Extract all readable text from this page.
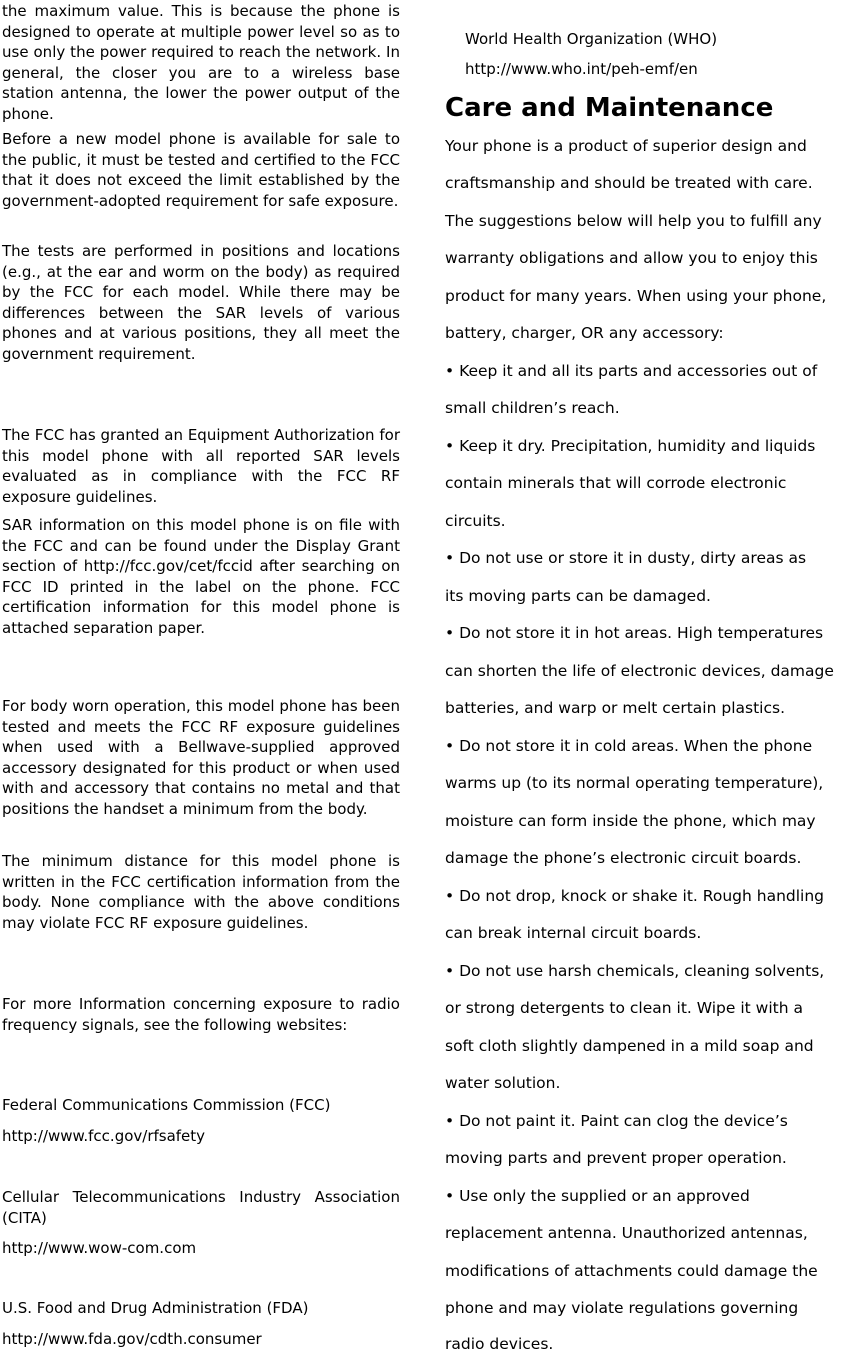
the maximum value. This is because the phone is designed to operate at multiple power level so as to use only the power required to reach the network. In general, the closer you are to a wireless base station antenna, the lower the power output of the phone.

Before a new model phone is available for sale to the public, it must be tested and certified to the FCC that it does not exceed the limit established by the government-adopted requirement for safe exposure.

The tests are performed in positions and locations (e.g., at the ear and worm on the body) as required by the FCC for each model. While there may be differences between the SAR levels of various phones and at various positions, they all meet the government requirement.

The FCC has granted an Equipment Authorization for this model phone with all reported SAR levels evaluated as in compliance with the FCC RF exposure guidelines.

SAR information on this model phone is on file with the FCC and can be found under the Display Grant section of http://fcc.gov/cet/fccid after searching on FCC ID printed in the label on the phone. FCC certification information for this model phone is attached separation paper.

For body worn operation, this model phone has been tested and meets the FCC RF exposure guidelines when used with a Bellwave-supplied approved accessory designated for this product or when used with and accessory that contains no metal and that positions the handset a minimum from the body.

The minimum distance for this model phone is written in the FCC certification information from the body. None compliance with the above conditions may violate FCC RF exposure guidelines.

For more Information concerning exposure to radio frequency signals, see the following websites:

Federal Communications Commission (FCC)

http://www.fcc.gov/rfsafety

Cellular Telecommunications Industry Association (CITA)

http://www.wow-com.com

U.S. Food and Drug Administration (FDA)

http://www.fda.gov/cdth.consumer

World Health Organization (WHO)

http://www.who.int/peh-emf/en

Care and Maintenance

Your phone is a product of superior design and

craftsmanship and should be treated with care.

The suggestions below will help you to fulfill any

warranty obligations and allow you to enjoy this

product for many years. When using your phone,

battery, charger, OR any accessory:

• Keep it and all its parts and accessories out of

small children’s reach.

• Keep it dry. Precipitation, humidity and liquids

contain minerals that will corrode electronic

circuits.

• Do not use or store it in dusty, dirty areas as

its moving parts can be damaged.

• Do not store it in hot areas. High temperatures

can shorten the life of electronic devices, damage

batteries, and warp or melt certain plastics.

• Do not store it in cold areas. When the phone

warms up (to its normal operating temperature),

moisture can form inside the phone, which may

damage the phone’s electronic circuit boards.

• Do not drop, knock or shake it. Rough handling

can break internal circuit boards.

• Do not use harsh chemicals, cleaning solvents,

or strong detergents to clean it. Wipe it with a

soft cloth slightly dampened in a mild soap and

water solution.

• Do not paint it. Paint can clog the device’s

moving parts and prevent proper operation.

• Use only the supplied or an approved

replacement antenna. Unauthorized antennas,

modifications of attachments could damage the

phone and may violate regulations governing

radio devices.
